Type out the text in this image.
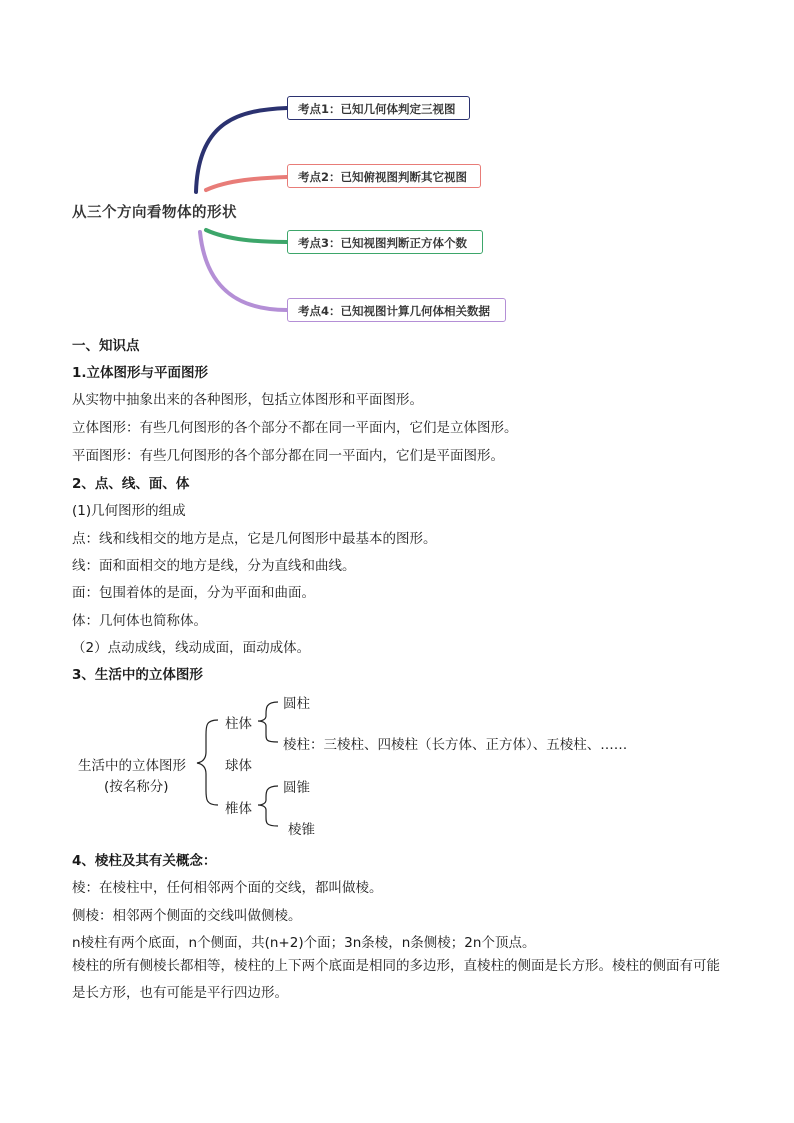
从三个方向看物体的形状
考点1：已知几何体判定三视图
考点2：已知俯视图判断其它视图
考点3：已知视图判断正方体个数
考点4：已知视图计算几何体相关数据
一、知识点
1.立体图形与平面图形
从实物中抽象出来的各种图形，包括立体图形和平面图形。
立体图形：有些几何图形的各个部分不都在同一平面内，它们是立体图形。
平面图形：有些几何图形的各个部分都在同一平面内，它们是平面图形。
2、点、线、面、体
(1)几何图形的组成
点：线和线相交的地方是点，它是几何图形中最基本的图形。
线：面和面相交的地方是线，分为直线和曲线。
面：包围着体的是面，分为平面和曲面。
体：几何体也简称体。
（2）点动成线，线动成面，面动成体。
3、生活中的立体图形
生活中的立体图形
(按名称分)
柱体
圆柱
棱柱：三棱柱、四棱柱（长方体、正方体）、五棱柱、……
球体
椎体
圆锥
棱锥
4、棱柱及其有关概念：
棱：在棱柱中，任何相邻两个面的交线，都叫做棱。
侧棱：相邻两个侧面的交线叫做侧棱。
n棱柱有两个底面，n个侧面，共(n+2)个面；3n条棱，n条侧棱；2n个顶点。
棱柱的所有侧棱长都相等，棱柱的上下两个底面是相同的多边形，直棱柱的侧面是长方形。棱柱的侧面有可能是长方形，也有可能是平行四边形。
